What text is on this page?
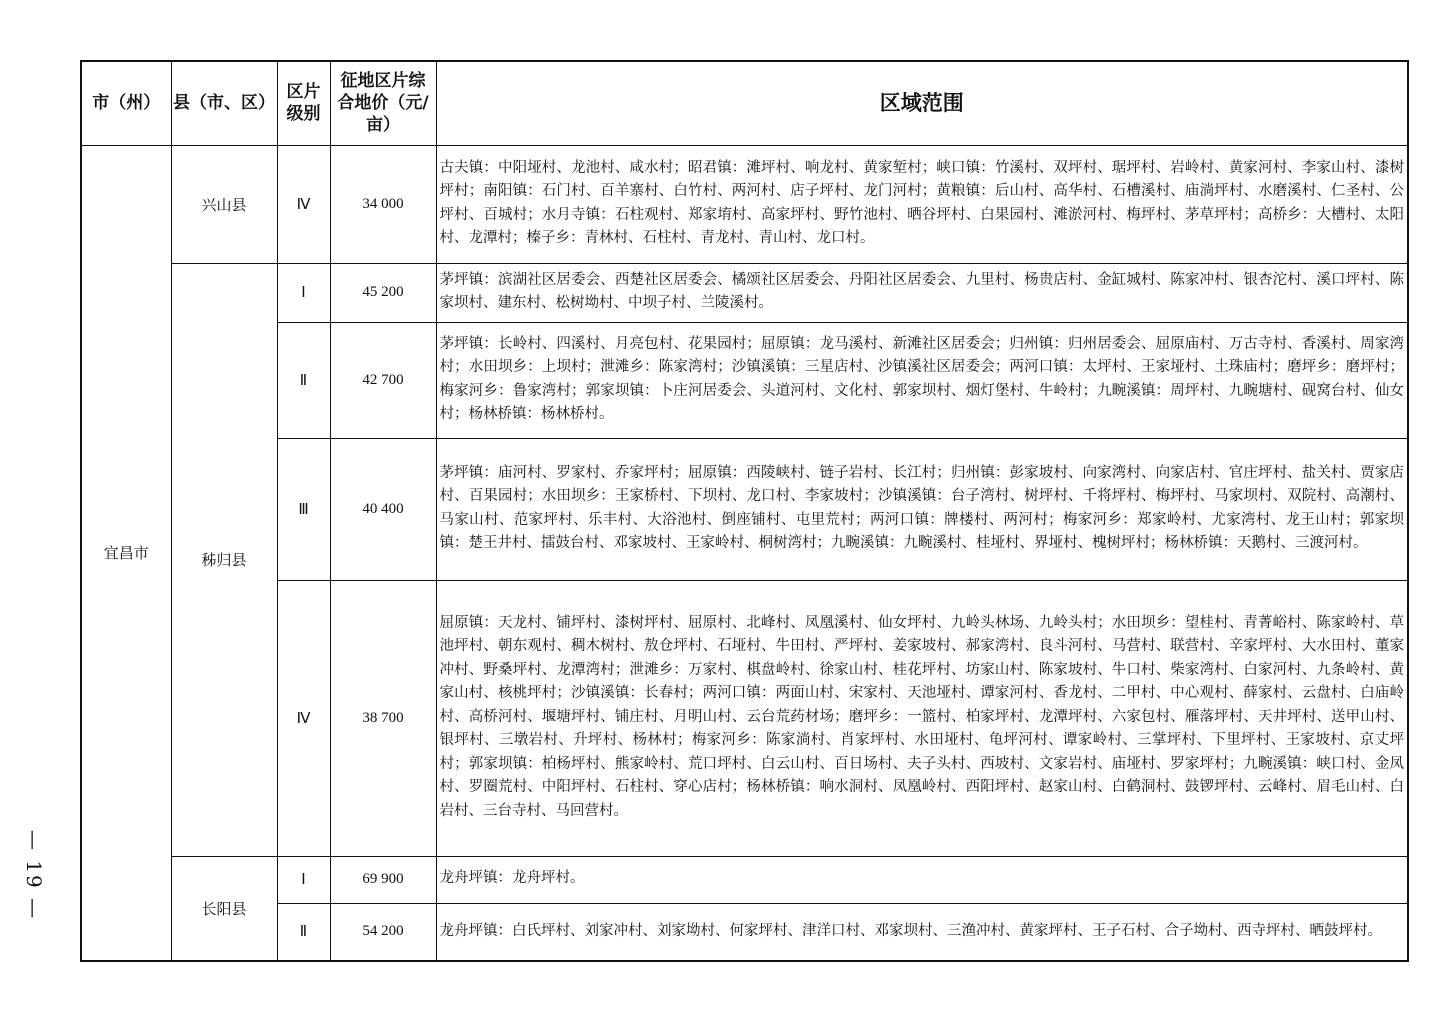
— 19 —
市（州）	县（市、区）	区片级别	征地区片综合地价（元/亩）	区域范围
宜昌市	兴山县	Ⅳ	34 000	古夫镇：中阳垭村、龙池村、咸水村；昭君镇：滩坪村、响龙村、黄家堑村；峡口镇：竹溪村、双坪村、琚坪村、岩岭村、黄家河村、李家山村、漆树坪村；南阳镇：石门村、百羊寨村、白竹村、两河村、店子坪村、龙门河村；黄粮镇：后山村、高华村、石槽溪村、庙淌坪村、水磨溪村、仁圣村、公坪村、百城村；水月寺镇：石柱观村、郑家堉村、高家坪村、野竹池村、晒谷坪村、白果园村、滩淤河村、梅坪村、茅草坪村；高桥乡：大槽村、太阳村、龙潭村；榛子乡：青林村、石柱村、青龙村、青山村、龙口村。
	秭归县	Ⅰ	45 200	茅坪镇：滨湖社区居委会、西楚社区居委会、橘颂社区居委会、丹阳社区居委会、九里村、杨贵店村、金缸城村、陈家冲村、银杏沱村、溪口坪村、陈家坝村、建东村、松树坳村、中坝子村、兰陵溪村。
		Ⅱ	42 700	茅坪镇：长岭村、四溪村、月亮包村、花果园村；屈原镇：龙马溪村、新滩社区居委会；归州镇：归州居委会、屈原庙村、万古寺村、香溪村、周家湾村；水田坝乡：上坝村；泄滩乡：陈家湾村；沙镇溪镇：三星店村、沙镇溪社区居委会；两河口镇：太坪村、王家垭村、土珠庙村；磨坪乡：磨坪村；梅家河乡：鲁家湾村；郭家坝镇：卜庄河居委会、头道河村、文化村、郭家坝村、烟灯堡村、牛岭村；九畹溪镇：周坪村、九畹塘村、砚窝台村、仙女村；杨林桥镇：杨林桥村。
		Ⅲ	40 400	茅坪镇：庙河村、罗家村、乔家坪村；屈原镇：西陵峡村、链子岩村、长江村；归州镇：彭家坡村、向家湾村、向家店村、官庄坪村、盐关村、贾家店村、百果园村；水田坝乡：王家桥村、下坝村、龙口村、李家坡村；沙镇溪镇：台子湾村、树坪村、千将坪村、梅坪村、马家坝村、双院村、高潮村、马家山村、范家坪村、乐丰村、大浴池村、倒座铺村、屯里荒村；两河口镇：牌楼村、两河村；梅家河乡：郑家岭村、尤家湾村、龙王山村；郭家坝镇：楚王井村、擂鼓台村、邓家坡村、王家岭村、桐树湾村；九畹溪镇：九畹溪村、桂垭村、界垭村、槐树坪村；杨林桥镇：天鹅村、三渡河村。
		Ⅳ	38 700	屈原镇：天龙村、铺坪村、漆树坪村、屈原村、北峰村、凤凰溪村、仙女坪村、九岭头林场、九岭头村；水田坝乡：望桂村、青菁峪村、陈家岭村、草池坪村、朝东观村、稠木树村、敖仓坪村、石垭村、牛田村、严坪村、姜家坡村、郝家湾村、良斗河村、马营村、联营村、辛家坪村、大水田村、董家冲村、野桑坪村、龙潭湾村；泄滩乡：万家村、棋盘岭村、徐家山村、桂花坪村、坊家山村、陈家坡村、牛口村、柴家湾村、白家河村、九条岭村、黄家山村、核桃坪村；沙镇溪镇：长春村；两河口镇：两面山村、宋家村、天池垭村、谭家河村、香龙村、二甲村、中心观村、薛家村、云盘村、白庙岭村、高桥河村、堰塘坪村、铺庄村、月明山村、云台荒药材场；磨坪乡：一篮村、柏家坪村、龙潭坪村、六家包村、雁落坪村、天井坪村、送甲山村、银坪村、三墩岩村、升坪村、杨林村；梅家河乡：陈家淌村、肖家坪村、水田垭村、龟坪河村、谭家岭村、三掌坪村、下里坪村、王家坡村、京丈坪村；郭家坝镇：柏杨坪村、熊家岭村、荒口坪村、白云山村、百日场村、夫子头村、西坡村、文家岩村、庙垭村、罗家坪村；九畹溪镇：峡口村、金凤村、罗圈荒村、中阳坪村、石柱村、穿心店村；杨林桥镇：响水洞村、凤凰岭村、西阳坪村、赵家山村、白鹤洞村、鼓锣坪村、云峰村、眉毛山村、白岩村、三台寺村、马回营村。
	长阳县	Ⅰ	69 900	龙舟坪镇：龙舟坪村。
		Ⅱ	54 200	龙舟坪镇：白氏坪村、刘家冲村、刘家坳村、何家坪村、津洋口村、邓家坝村、三渔冲村、黄家坪村、王子石村、合子坳村、西寺坪村、晒鼓坪村。
